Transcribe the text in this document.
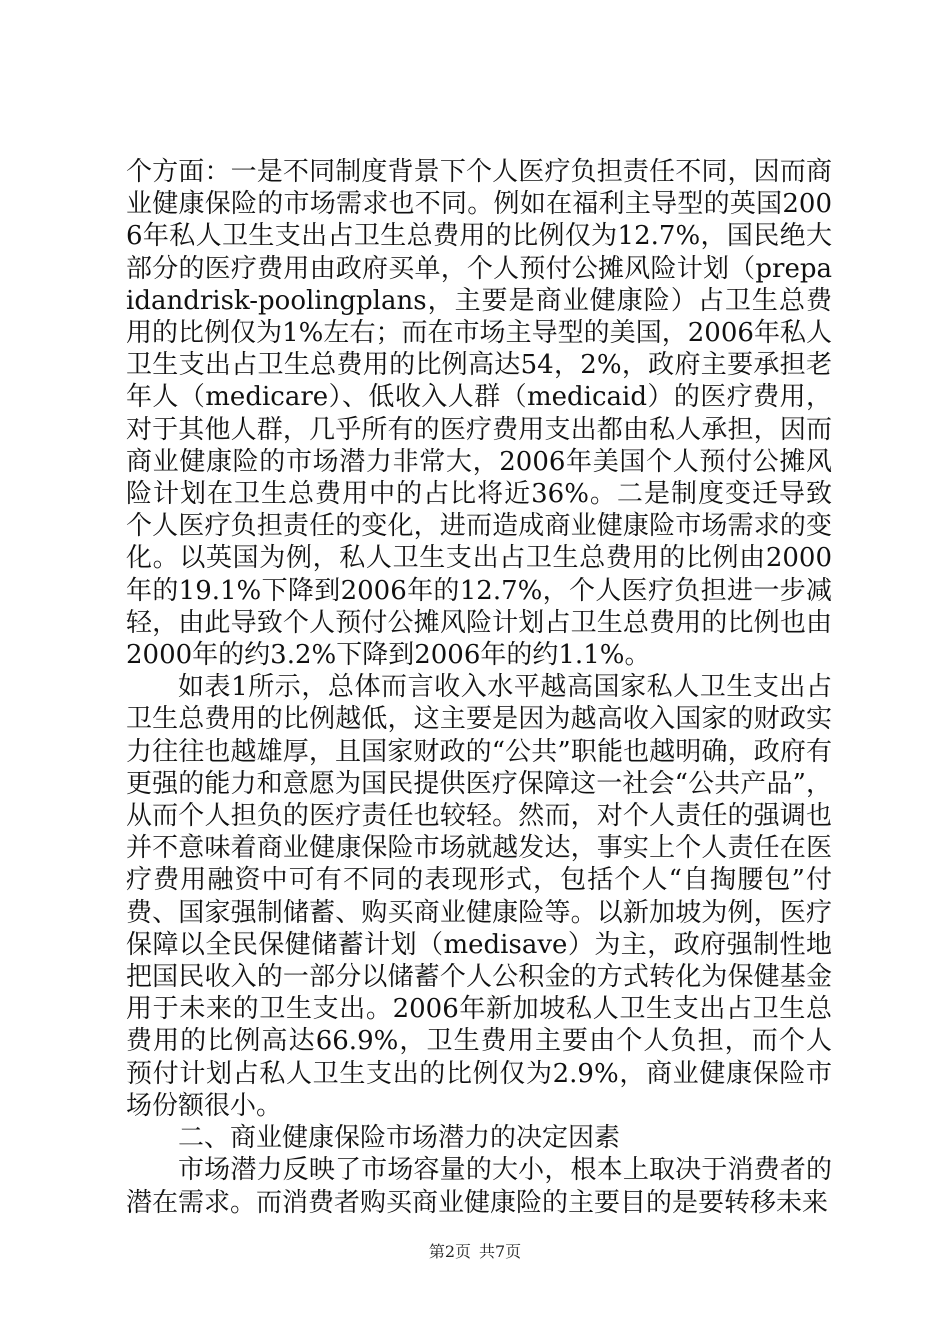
个方面：一是不同制度背景下个人医疗负担责任不同，因而商业健康保险的市场需求也不同。例如在福利主导型的英国2006年私人卫生支出占卫生总费用的比例仅为12.7%，国民绝大部分的医疗费用由政府买单，个人预付公摊风险计划（prepaidandrisk-poolingplans，主要是商业健康险）占卫生总费用的比例仅为1%左右；而在市场主导型的美国，2006年私人卫生支出占卫生总费用的比例高达54，2%，政府主要承担老年人（medicare）、低收入人群（medicaid）的医疗费用，对于其他人群，几乎所有的医疗费用支出都由私人承担，因而商业健康险的市场潜力非常大，2006年美国个人预付公摊风险计划在卫生总费用中的占比将近36%。二是制度变迁导致个人医疗负担责任的变化，进而造成商业健康险市场需求的变化。以英国为例，私人卫生支出占卫生总费用的比例由2000年的19.1%下降到2006年的12.7%，个人医疗负担进一步减轻，由此导致个人预付公摊风险计划占卫生总费用的比例也由2000年的约3.2%下降到2006年的约1.1%。

如表1所示，总体而言收入水平越高国家私人卫生支出占卫生总费用的比例越低，这主要是因为越高收入国家的财政实力往往也越雄厚，且国家财政的“公共”职能也越明确，政府有更强的能力和意愿为国民提供医疗保障这一社会“公共产品”，从而个人担负的医疗责任也较轻。然而，对个人责任的强调也并不意味着商业健康保险市场就越发达，事实上个人责任在医疗费用融资中可有不同的表现形式，包括个人“自掏腰包”付费、国家强制储蓄、购买商业健康险等。以新加坡为例，医疗保障以全民保健储蓄计划（medisave）为主，政府强制性地把国民收入的一部分以储蓄个人公积金的方式转化为保健基金用于未来的卫生支出。2006年新加坡私人卫生支出占卫生总费用的比例高达66.9%，卫生费用主要由个人负担，而个人预付计划占私人卫生支出的比例仅为2.9%，商业健康保险市场份额很小。

二、商业健康保险市场潜力的决定因素

市场潜力反映了市场容量的大小，根本上取决于消费者的潜在需求。而消费者购买商业健康险的主要目的是要转移未来

第2页 共7页
